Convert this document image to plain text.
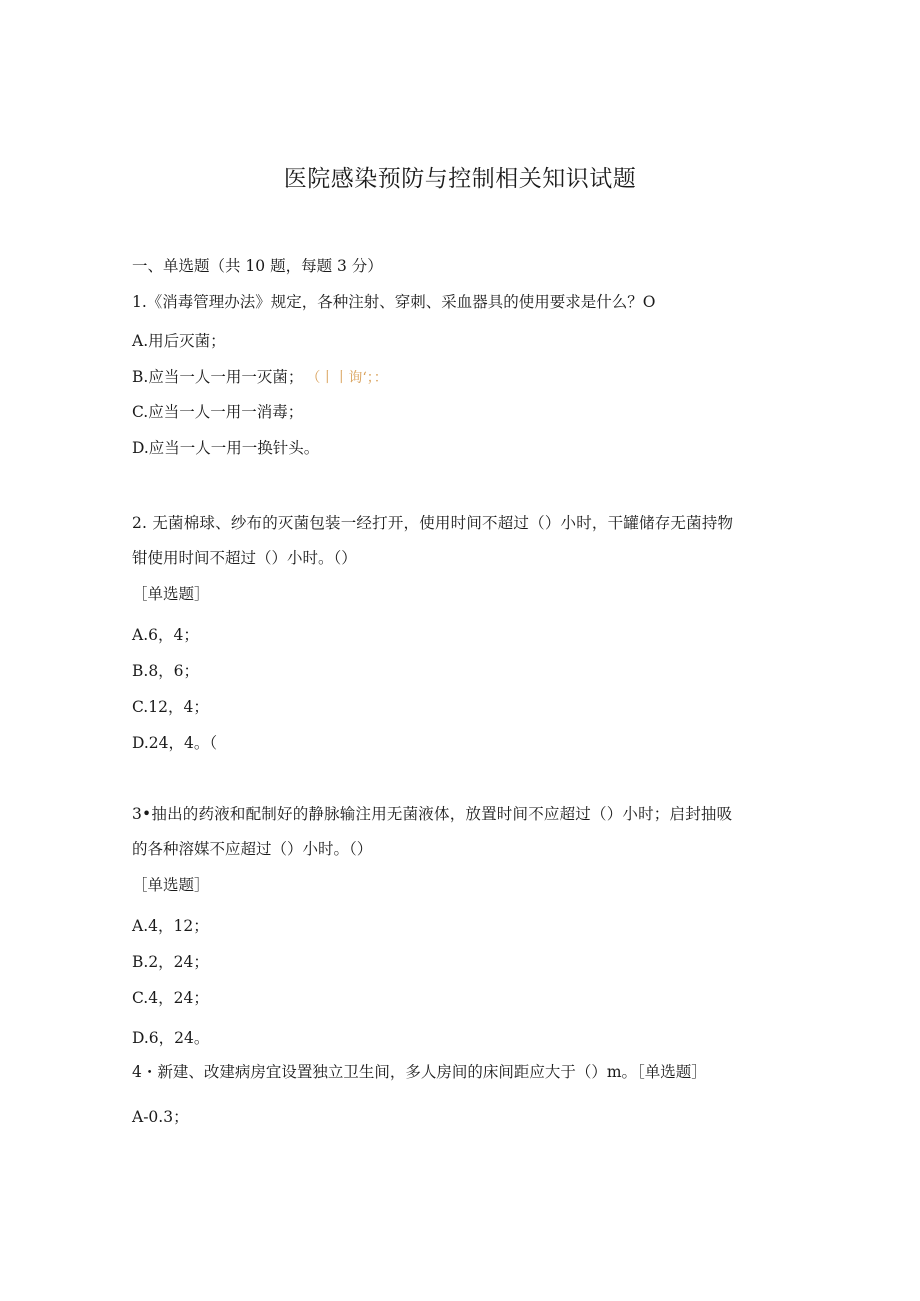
医院感染预防与控制相关知识试题
一、单选题（共 10 题，每题 3 分）
1.《消毒管理办法》规定，各种注射、穿刺、采血器具的使用要求是什么？O
A.用后灭菌；
B.应当一人一用一灭菌； （丨丨询‘；：
C.应当一人一用一消毒；
D.应当一人一用一换针头。
2. 无菌棉球、纱布的灭菌包装一经打开，使用时间不超过（）小时，干罐储存无菌持物
钳使用时间不超过（）小时。（）
［单选题］
A.6，4；
B.8，6；
C.12，4；
D.24，4。（
3•抽出的药液和配制好的静脉输注用无菌液体，放置时间不应超过（）小时；启封抽吸
的各种溶媒不应超过（）小时。（）
［单选题］
A.4，12；
B.2，24；
C.4，24；
D.6，24。
4・新建、改建病房宜设置独立卫生间，多人房间的床间距应大于（）m。［单选题］
A-0.3；
